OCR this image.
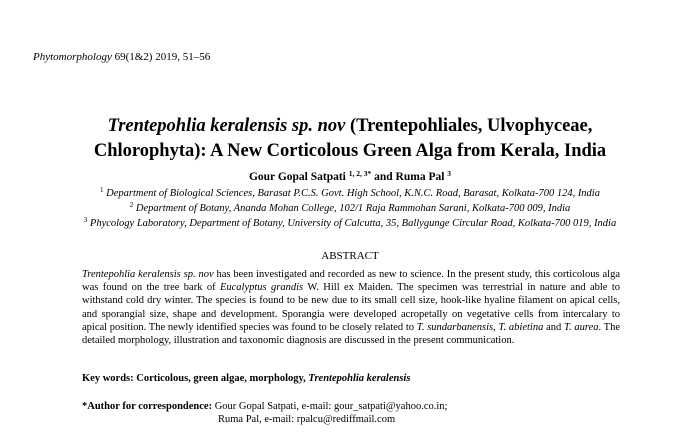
Phytomorphology 69(1&2) 2019, 51–56
Trentepohlia keralensis sp. nov (Trentepohliales, Ulvophyceae,
Chlorophyta): A New Corticolous Green Alga from Kerala, India
Gour Gopal Satpati $^{1, 2, 3*}$ and Ruma Pal $^3$
$^1$ Department of Biological Sciences, Barasat P.C.S. Govt. High School, K.N.C. Road, Barasat, Kolkata-700 124, India
$^2$ Department of Botany, Ananda Mohan College, 102/1 Raja Rammohan Sarani, Kolkata-700 009, India
$^3$ Phycology Laboratory, Department of Botany, University of Calcutta, 35, Ballygunge Circular Road, Kolkata-700 019, India
ABSTRACT
Trentepohlia keralensis sp. nov has been investigated and recorded as new to science. In the present study, this corticolous alga was found on the tree bark of Eucalyptus grandis W. Hill ex Maiden. The specimen was terrestrial in nature and able to withstand cold dry winter. The species is found to be new due to its small cell size, hook-like hyaline filament on apical cells, and sporangial size, shape and development. Sporangia were developed acropetally on vegetative cells from intercalary to apical position. The newly identified species was found to be closely related to T. sundarbanensis, T. abietina and T. aurea. The detailed morphology, illustration and taxonomic diagnosis are discussed in the present communication.
Key words: Corticolous, green algae, morphology, Trentepohlia keralensis
*Author for correspondence: Gour Gopal Satpati, e-mail: gour_satpati@yahoo.co.in;
Ruma Pal, e-mail: rpalcu@rediffmail.com
